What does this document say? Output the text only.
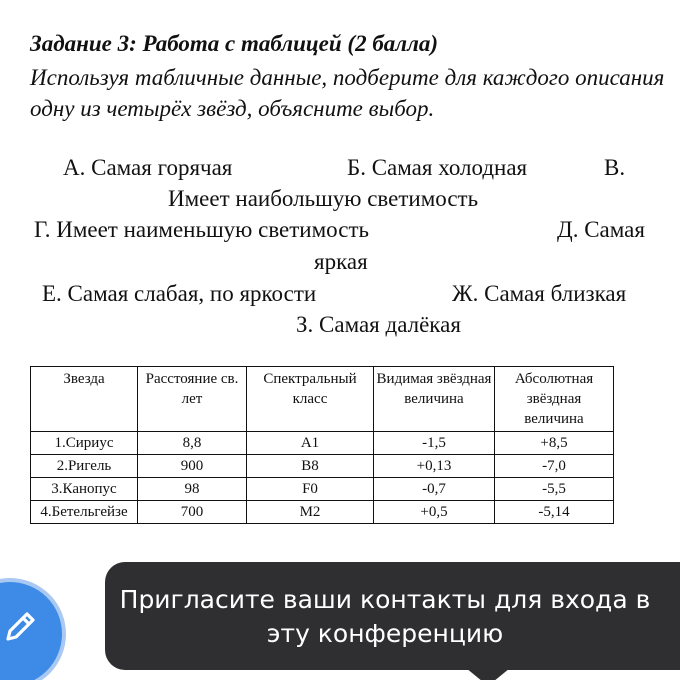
Задание 3: Работа с таблицей (2 балла)
Используя табличные данные, подберите для каждого описания одну из четырёх звёзд, объясните выбор.
А. Самая горячая	Б. Самая холодная	В.
Имеет наибольшую светимость
Г. Имеет наименьшую светимость	Д. Самая
яркая
Е. Самая слабая, по яркости	Ж. Самая близкая
З. Самая далёкая
Звезда	Расстояние св. лет	Спектральный класс	Видимая звёздная величина	Абсолютная звёздная величина
1.Сириус	8,8	A1	-1,5	+8,5
2.Ригель	900	B8	+0,13	-7,0
3.Канопус	98	F0	-0,7	-5,5
4.Бетельгейзе	700	M2	+0,5	-5,14
Пригласите ваши контакты для входа в
эту конференцию
